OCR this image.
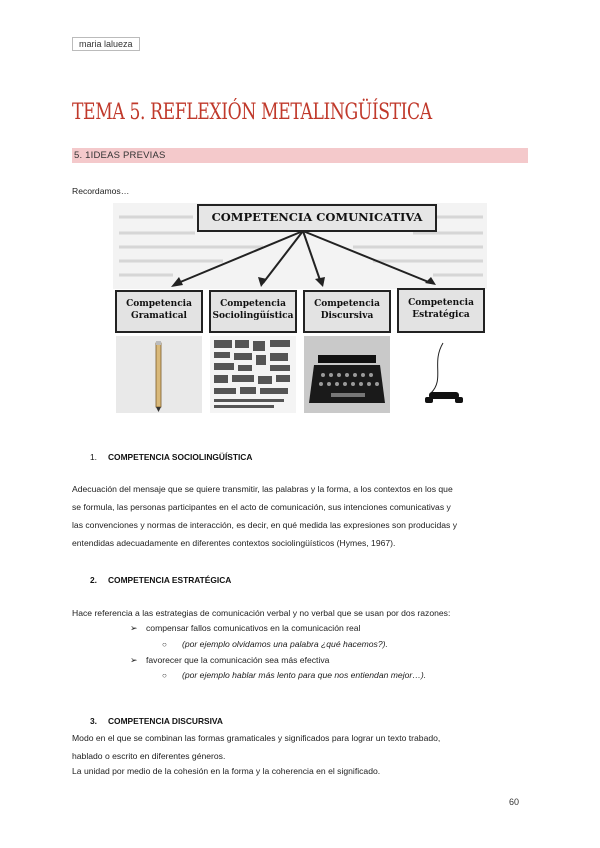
maria lalueza
TEMA 5. REFLEXIÓN METALINGÜÍSTICA
5. 1IDEAS PREVIAS

Recordamos…

COMPETENCIA COMUNICATIVA
Competencia
Gramatical
Competencia
Sociolingüística
Competencia
Discursiva
Competencia
Estratégica
1. COMPETENCIA SOCIOLINGÜÍSTICA
Adecuación del mensaje que se quiere transmitir, las palabras y la forma, a los contextos en los que
se formula, las personas participantes en el acto de comunicación, sus intenciones comunicativas y
las convenciones y normas de interacción, es decir, en qué medida las expresiones son producidas y
entendidas adecuadamente en diferentes contextos sociolingüísticos (Hymes, 1967).
2. COMPETENCIA ESTRATÉGICA

Hace referencia a las estrategias de comunicación verbal y no verbal que se usan por dos razones:

➢ compensar fallos comunicativos en la comunicación real
○ (por ejemplo olvidamos una palabra ¿qué hacemos?).
➢ favorecer que la comunicación sea más efectiva
○ (por ejemplo hablar más lento para que nos entiendan mejor…).
3. COMPETENCIA DISCURSIVA
Modo en el que se combinan las formas gramaticales y significados para lograr un texto trabado,
hablado o escrito en diferentes géneros.

La unidad por medio de la cohesión en la forma y la coherencia en el significado.

60
